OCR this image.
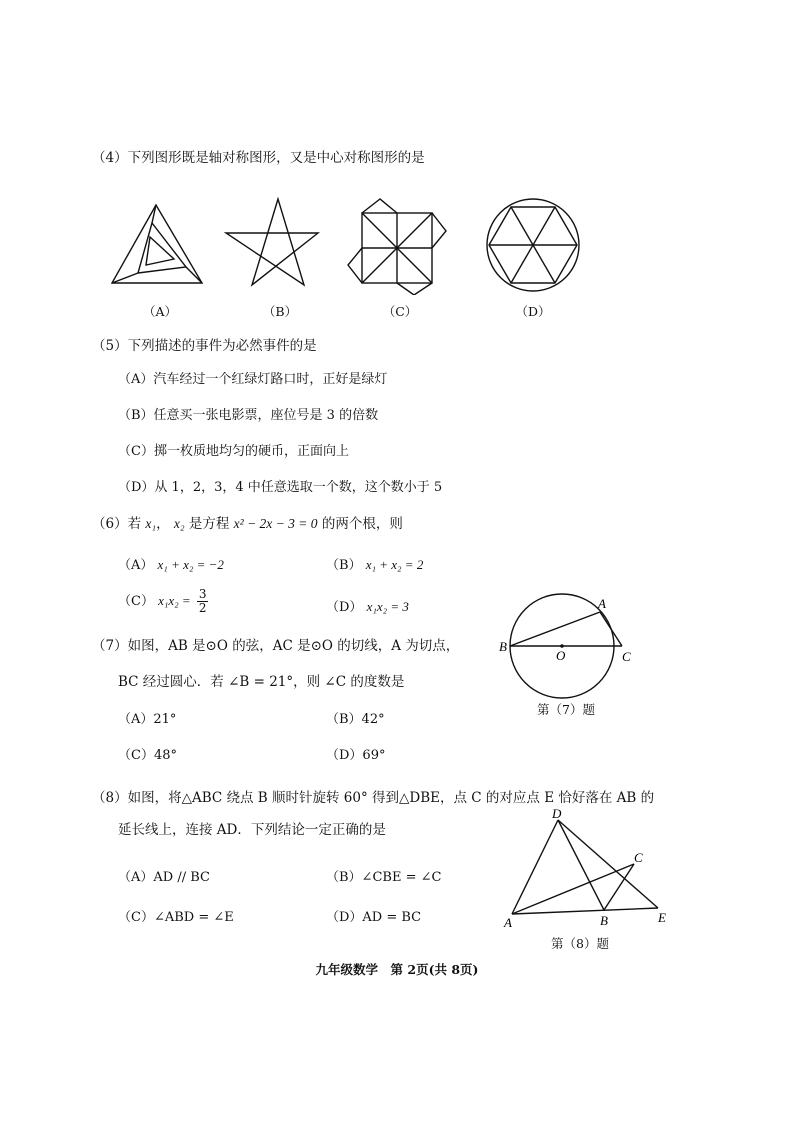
（4）下列图形既是轴对称图形，又是中心对称图形的是
（A）	（B）	（C）	（D）
（5）下列描述的事件为必然事件的是
（A）汽车经过一个红绿灯路口时，正好是绿灯
（B）任意买一张电影票，座位号是 3 的倍数
（C）掷一枚质地均匀的硬币，正面向上
（D）从 1，2，3，4 中任意选取一个数，这个数小于 5
（6）若 x₁， x₂ 是方程 x² − 2x − 3 = 0 的两个根，则
（A） x₁ + x₂ = −2	（B） x₁ + x₂ = 2
（C） $x_1x_2 = \frac{3}{2}$	（D） x₁x₂ = 3
（7）如图，AB 是⊙O 的弦，AC 是⊙O 的切线，A 为切点，
BC 经过圆心．若 ∠B = 21°，则 ∠C 的度数是
（A）21°	（B）42°
（C）48°	（D）69°
A
B
O	C
第（7）题
（8）如图，将△ABC 绕点 B 顺时针旋转 60° 得到△DBE，点 C 的对应点 E 恰好落在 AB 的
延长线上，连接 AD．下列结论一定正确的是
（A）AD // BC	（B）∠CBE = ∠C
（C）∠ABD = ∠E	（D）AD = BC
D
C
A	B	E
第（8）题
九年级数学　第 2页(共 8页)
